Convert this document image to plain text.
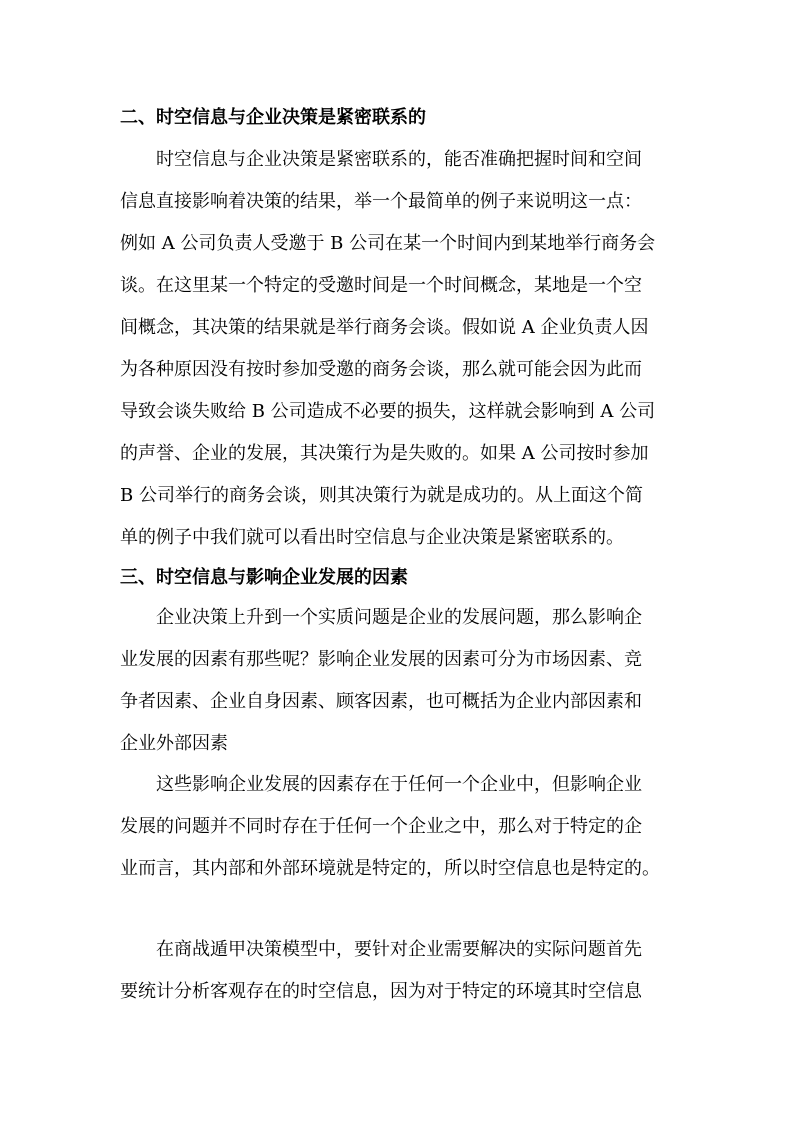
二、时空信息与企业决策是紧密联系的
时空信息与企业决策是紧密联系的，能否准确把握时间和空间
信息直接影响着决策的结果，举一个最简单的例子来说明这一点：
例如 A 公司负责人受邀于 B 公司在某一个时间内到某地举行商务会
谈。在这里某一个特定的受邀时间是一个时间概念，某地是一个空
间概念，其决策的结果就是举行商务会谈。假如说 A 企业负责人因
为各种原因没有按时参加受邀的商务会谈，那么就可能会因为此而
导致会谈失败给 B 公司造成不必要的损失，这样就会影响到 A 公司
的声誉、企业的发展，其决策行为是失败的。如果 A 公司按时参加
B 公司举行的商务会谈，则其决策行为就是成功的。从上面这个简
单的例子中我们就可以看出时空信息与企业决策是紧密联系的。
三、时空信息与影响企业发展的因素
企业决策上升到一个实质问题是企业的发展问题，那么影响企
业发展的因素有那些呢？影响企业发展的因素可分为市场因素、竞
争者因素、企业自身因素、顾客因素，也可概括为企业内部因素和
企业外部因素
这些影响企业发展的因素存在于任何一个企业中，但影响企业
发展的问题并不同时存在于任何一个企业之中，那么对于特定的企
业而言，其内部和外部环境就是特定的，所以时空信息也是特定的。
在商战遁甲决策模型中，要针对企业需要解决的实际问题首先
要统计分析客观存在的时空信息，因为对于特定的环境其时空信息
